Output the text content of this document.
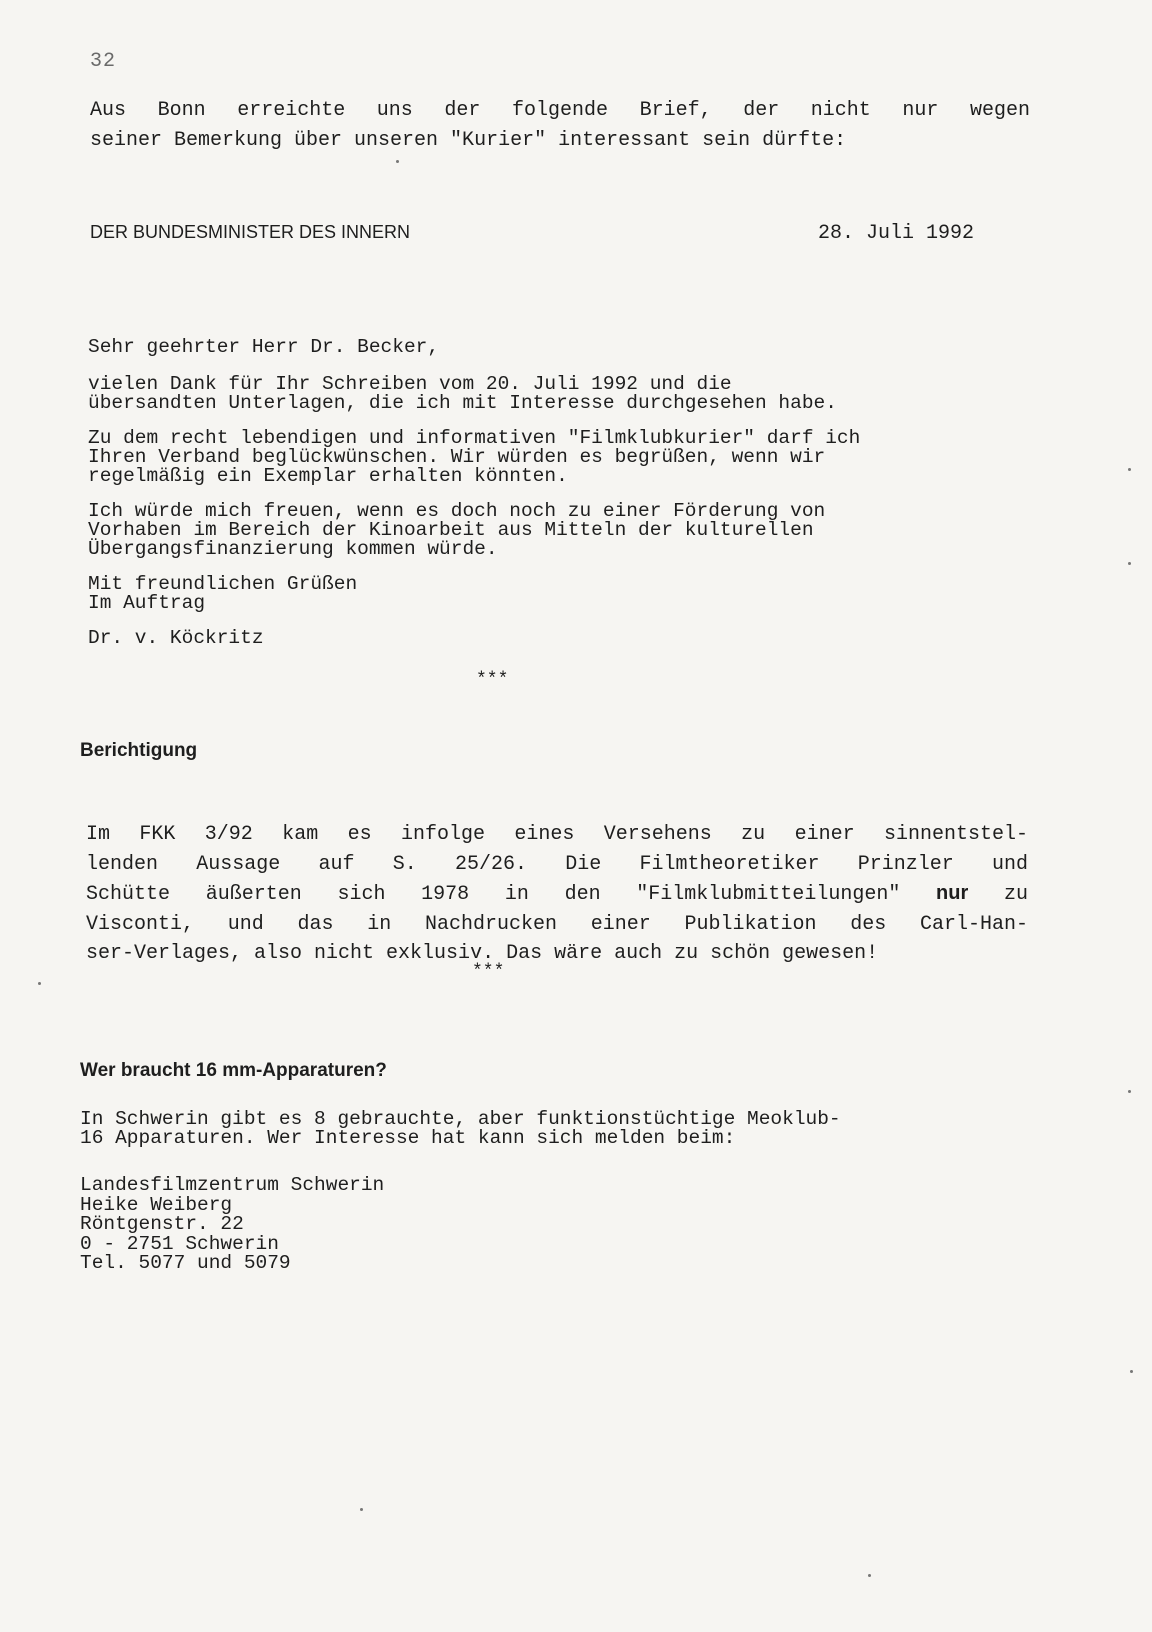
32
Aus Bonn erreichte uns der folgende Brief, der nicht nur wegen
seiner Bemerkung über unseren "Kurier" interessant sein dürfte:
DER BUNDESMINISTER DES INNERN	28. Juli 1992

Sehr geehrter Herr Dr. Becker,

vielen Dank für Ihr Schreiben vom 20. Juli 1992 und die
übersandten Unterlagen, die ich mit Interesse durchgesehen habe.

Zu dem recht lebendigen und informativen "Filmklubkurier" darf ich
Ihren Verband beglückwünschen. Wir würden es begrüßen, wenn wir
regelmäßig ein Exemplar erhalten könnten.

Ich würde mich freuen, wenn es doch noch zu einer Förderung von
Vorhaben im Bereich der Kinoarbeit aus Mitteln der kulturellen
Übergangsfinanzierung kommen würde.

Mit freundlichen Grüßen
Im Auftrag

Dr. v. Köckritz

***
Berichtigung
Im FKK 3/92 kam es infolge eines Versehens zu einer sinnentstel-
lenden Aussage auf S. 25/26. Die Filmtheoretiker Prinzler und
Schütte äußerten sich 1978 in den "Filmklubmitteilungen" nur zu
Visconti, und das in Nachdrucken einer Publikation des Carl-Han-
ser-Verlages, also nicht exklusiv. Das wäre auch zu schön gewesen!
***
Wer braucht 16 mm-Apparaturen?
In Schwerin gibt es 8 gebrauchte, aber funktionstüchtige Meoklub-
16 Apparaturen. Wer Interesse hat kann sich melden beim:
Landesfilmzentrum Schwerin
Heike Weiberg
Röntgenstr. 22
0 - 2751 Schwerin
Tel. 5077 und 5079
